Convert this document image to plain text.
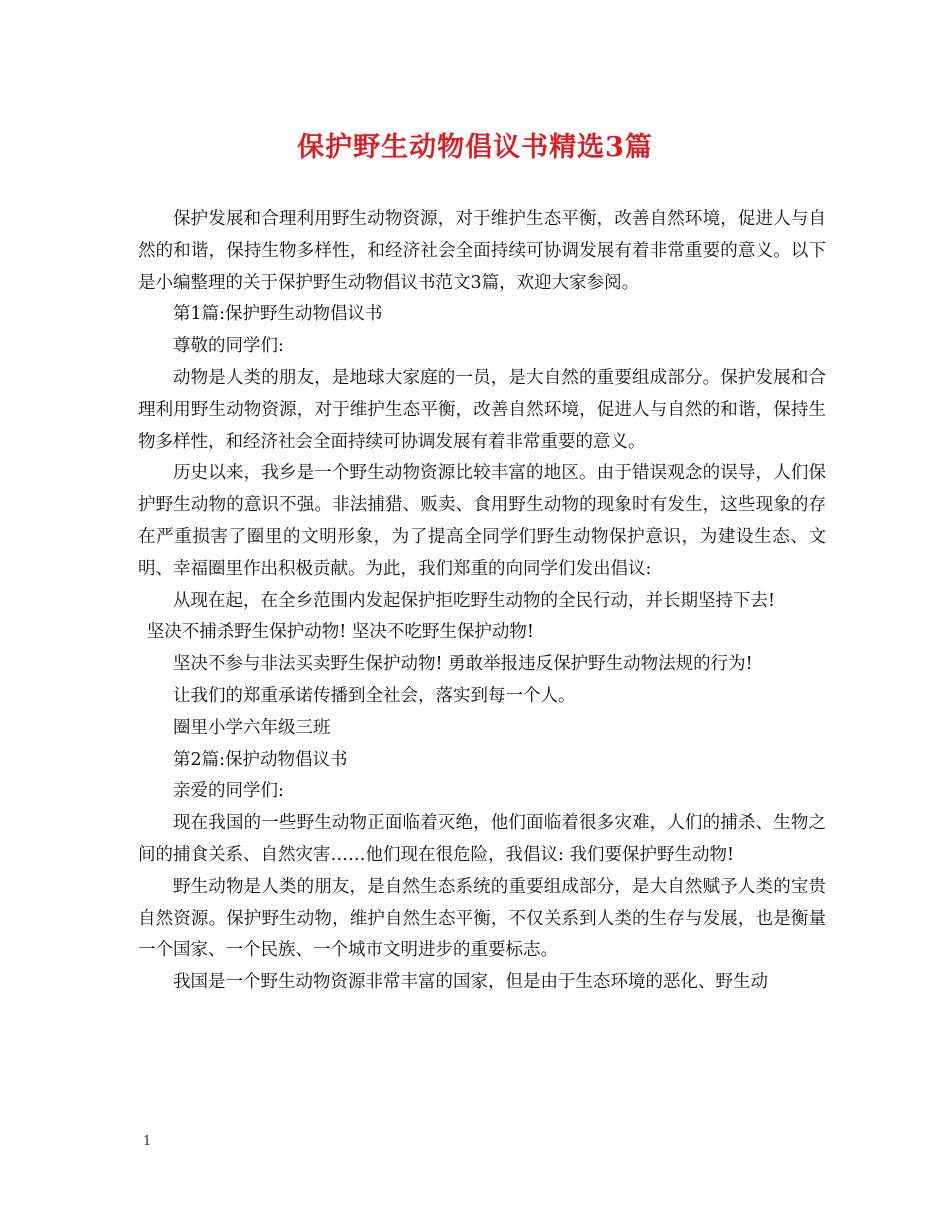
保护野生动物倡议书精选3篇

保护发展和合理利用野生动物资源，对于维护生态平衡，改善自然环境，促进人与自然的和谐，保持生物多样性，和经济社会全面持续可协调发展有着非常重要的意义。以下是小编整理的关于保护野生动物倡议书范文3篇，欢迎大家参阅。

第1篇:保护野生动物倡议书

尊敬的同学们:

动物是人类的朋友，是地球大家庭的一员，是大自然的重要组成部分。保护发展和合理利用野生动物资源，对于维护生态平衡，改善自然环境，促进人与自然的和谐，保持生物多样性，和经济社会全面持续可协调发展有着非常重要的意义。

历史以来，我乡是一个野生动物资源比较丰富的地区。由于错误观念的误导，人们保护野生动物的意识不强。非法捕猎、贩卖、食用野生动物的现象时有发生，这些现象的存在严重损害了圈里的文明形象，为了提高全同学们野生动物保护意识，为建设生态、文明、幸福圈里作出积极贡献。为此，我们郑重的向同学们发出倡议:

从现在起，在全乡范围内发起保护拒吃野生动物的全民行动，并长期坚持下去!

坚决不捕杀野生保护动物! 坚决不吃野生保护动物!

坚决不参与非法买卖野生保护动物! 勇敢举报违反保护野生动物法规的行为!

让我们的郑重承诺传播到全社会，落实到每一个人。

圈里小学六年级三班

第2篇:保护动物倡议书

亲爱的同学们:

现在我国的一些野生动物正面临着灭绝，他们面临着很多灾难，人们的捕杀、生物之间的捕食关系、自然灾害……他们现在很危险，我倡议: 我们要保护野生动物!

野生动物是人类的朋友，是自然生态系统的重要组成部分，是大自然赋予人类的宝贵自然资源。保护野生动物，维护自然生态平衡，不仅关系到人类的生存与发展，也是衡量一个国家、一个民族、一个城市文明进步的重要标志。

我国是一个野生动物资源非常丰富的国家，但是由于生态环境的恶化、野生动

1
